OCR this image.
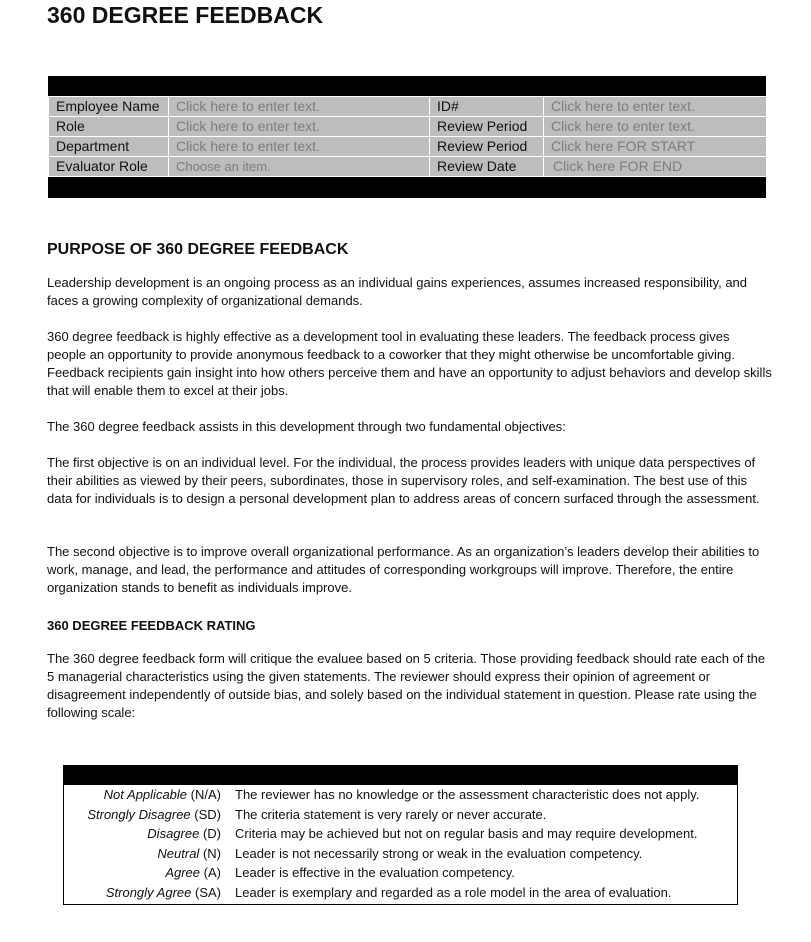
360 DEGREE FEEDBACK
Employee Name	Click here to enter text.	ID#	Click here to enter text.
Role	Click here to enter text.	Review Period	Click here to enter text.
Department	Click here to enter text.	Review Period	Click here FOR START
Evaluator Role	Choose an item.	Review Date	Click here FOR END
PURPOSE OF 360 DEGREE FEEDBACK

Leadership development is an ongoing process as an individual gains experiences, assumes increased responsibility, and faces a growing complexity of organizational demands.

360 degree feedback is highly effective as a development tool in evaluating these leaders. The feedback process gives people an opportunity to provide anonymous feedback to a coworker that they might otherwise be uncomfortable giving. Feedback recipients gain insight into how others perceive them and have an opportunity to adjust behaviors and develop skills that will enable them to excel at their jobs.

The 360 degree feedback assists in this development through two fundamental objectives:

The first objective is on an individual level. For the individual, the process provides leaders with unique data perspectives of their abilities as viewed by their peers, subordinates, those in supervisory roles, and self-examination. The best use of this data for individuals is to design a personal development plan to address areas of concern surfaced through the assessment.

The second objective is to improve overall organizational performance. As an organization’s leaders develop their abilities to work, manage, and lead, the performance and attitudes of corresponding workgroups will improve. Therefore, the entire organization stands to benefit as individuals improve.

360 DEGREE FEEDBACK RATING

The 360 degree feedback form will critique the evaluee based on 5 criteria. Those providing feedback should rate each of the 5 managerial characteristics using the given statements. The reviewer should express their opinion of agreement or disagreement independently of outside bias, and solely based on the individual statement in question. Please rate using the following scale:

Not Applicable (N/A)	The reviewer has no knowledge or the assessment characteristic does not apply.
Strongly Disagree (SD)	The criteria statement is very rarely or never accurate.
Disagree (D)	Criteria may be achieved but not on regular basis and may require development.
Neutral (N)	Leader is not necessarily strong or weak in the evaluation competency.
Agree (A)	Leader is effective in the evaluation competency.
Strongly Agree (SA)	Leader is exemplary and regarded as a role model in the area of evaluation.
